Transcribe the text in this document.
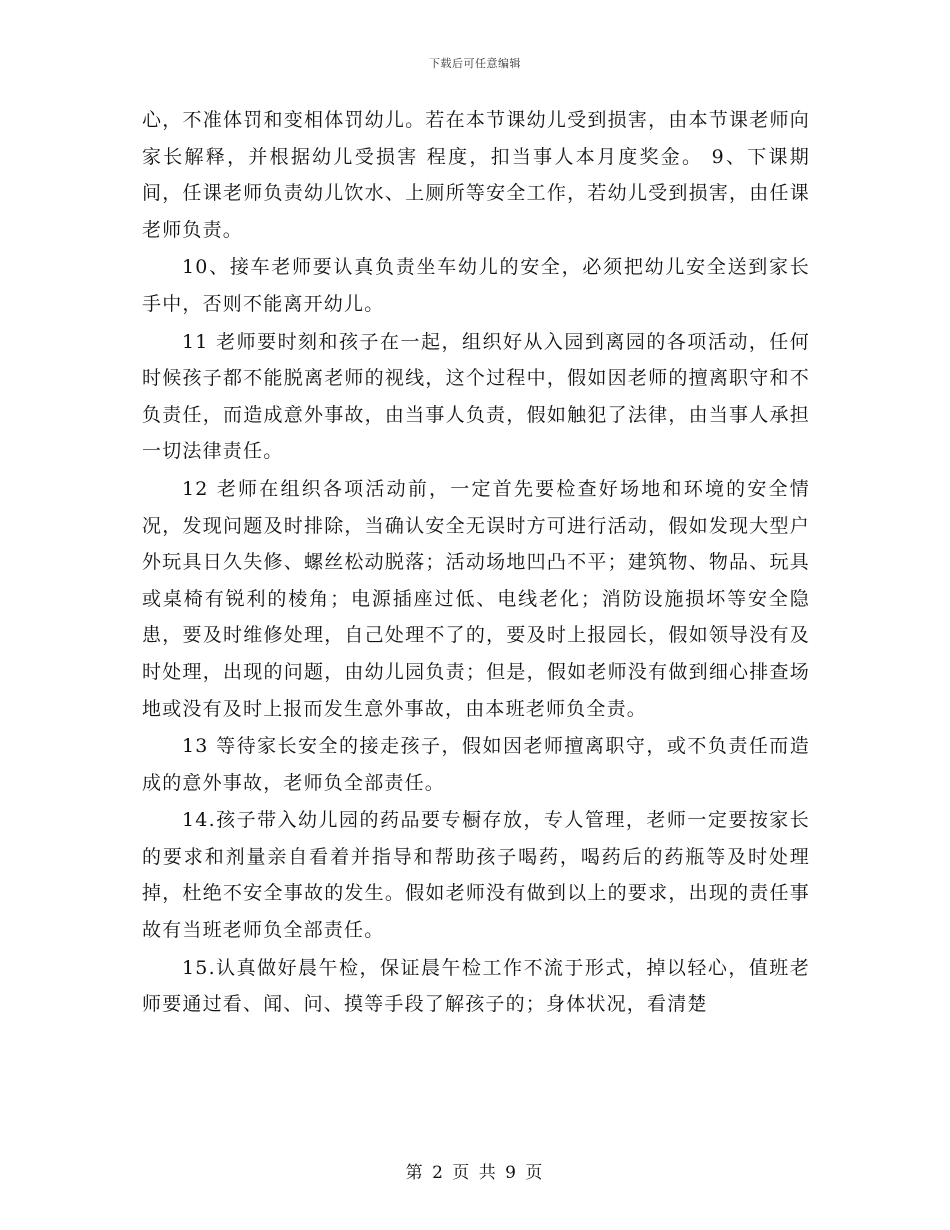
下载后可任意编辑

心，不准体罚和变相体罚幼儿。若在本节课幼儿受到损害，由本节课老师向家长解释，并根据幼儿受损害 程度，扣当事人本月度奖金。 9、下课期间，任课老师负责幼儿饮水、上厕所等安全工作，若幼儿受到损害，由任课老师负责。

10、接车老师要认真负责坐车幼儿的安全，必须把幼儿安全送到家长手中，否则不能离开幼儿。

11 老师要时刻和孩子在一起，组织好从入园到离园的各项活动，任何时候孩子都不能脱离老师的视线，这个过程中，假如因老师的擅离职守和不负责任，而造成意外事故，由当事人负责，假如触犯了法律，由当事人承担一切法律责任。

12 老师在组织各项活动前，一定首先要检查好场地和环境的安全情况，发现问题及时排除，当确认安全无误时方可进行活动，假如发现大型户外玩具日久失修、螺丝松动脱落；活动场地凹凸不平；建筑物、物品、玩具或桌椅有锐利的棱角；电源插座过低、电线老化；消防设施损坏等安全隐患，要及时维修处理，自己处理不了的，要及时上报园长，假如领导没有及时处理，出现的问题，由幼儿园负责；但是，假如老师没有做到细心排查场地或没有及时上报而发生意外事故，由本班老师负全责。

13 等待家长安全的接走孩子，假如因老师擅离职守，或不负责任而造成的意外事故，老师负全部责任。

14.孩子带入幼儿园的药品要专橱存放，专人管理，老师一定要按家长的要求和剂量亲自看着并指导和帮助孩子喝药，喝药后的药瓶等及时处理掉，杜绝不安全事故的发生。假如老师没有做到以上的要求，出现的责任事故有当班老师负全部责任。

15.认真做好晨午检，保证晨午检工作不流于形式，掉以轻心，值班老师要通过看、闻、问、摸等手段了解孩子的；身体状况，看清楚

第 2 页 共 9 页
